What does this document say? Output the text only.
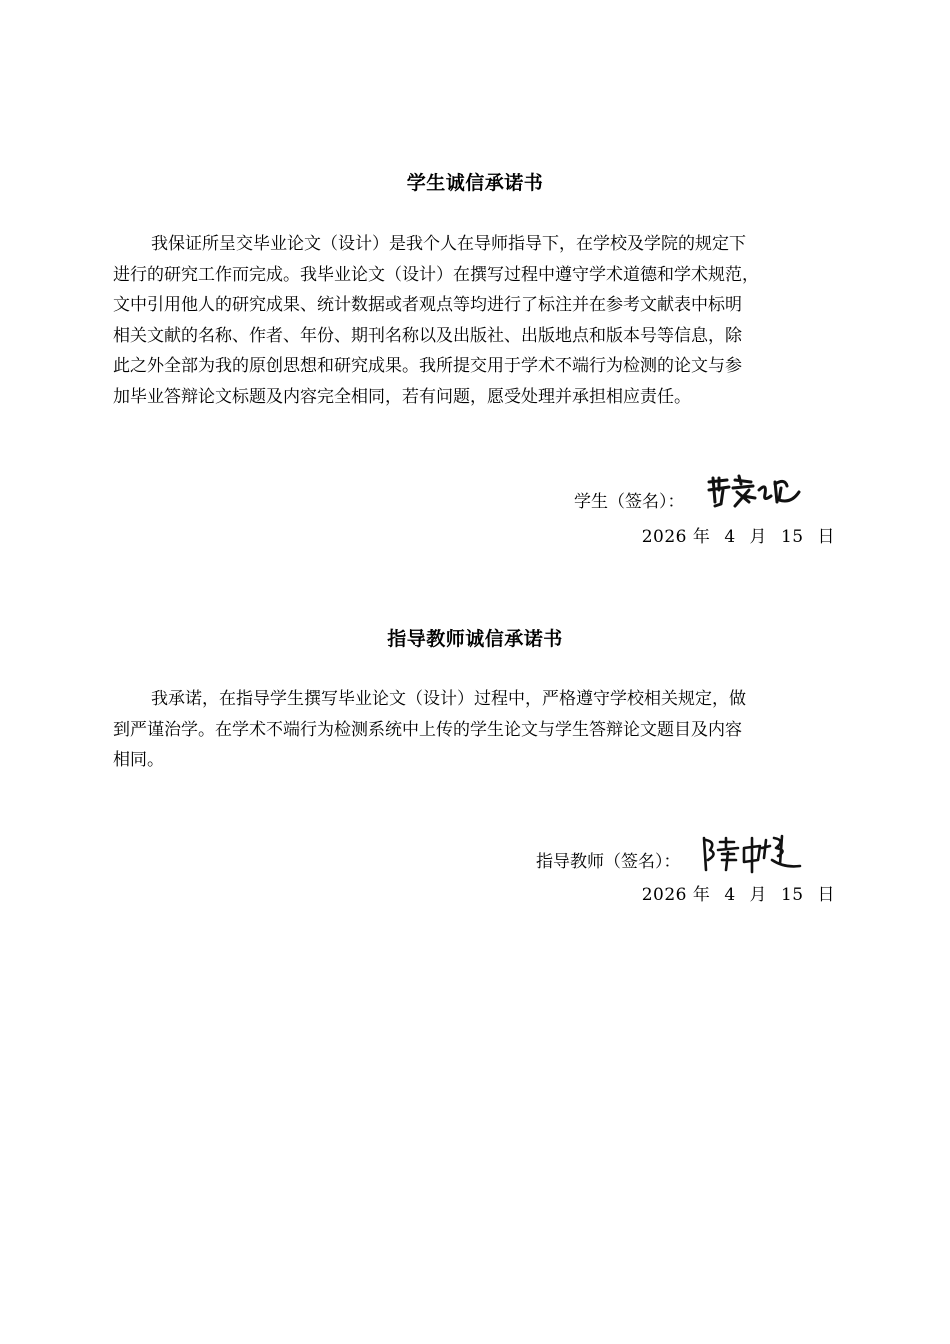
学生诚信承诺书
我保证所呈交毕业论文（设计）是我个人在导师指导下，在学校及学院的规定下
进行的研究工作而完成。我毕业论文（设计）在撰写过程中遵守学术道德和学术规范，
文中引用他人的研究成果、统计数据或者观点等均进行了标注并在参考文献表中标明
相关文献的名称、作者、年份、期刊名称以及出版社、出版地点和版本号等信息，除
此之外全部为我的原创思想和研究成果。我所提交用于学术不端行为检测的论文与参
加毕业答辩论文标题及内容完全相同，若有问题，愿受处理并承担相应责任。
学生（签名）：
2026 年 4 月 15 日
指导教师诚信承诺书
我承诺，在指导学生撰写毕业论文（设计）过程中，严格遵守学校相关规定，做
到严谨治学。在学术不端行为检测系统中上传的学生论文与学生答辩论文题目及内容
相同。
指导教师（签名）：
2026 年 4 月 15 日
